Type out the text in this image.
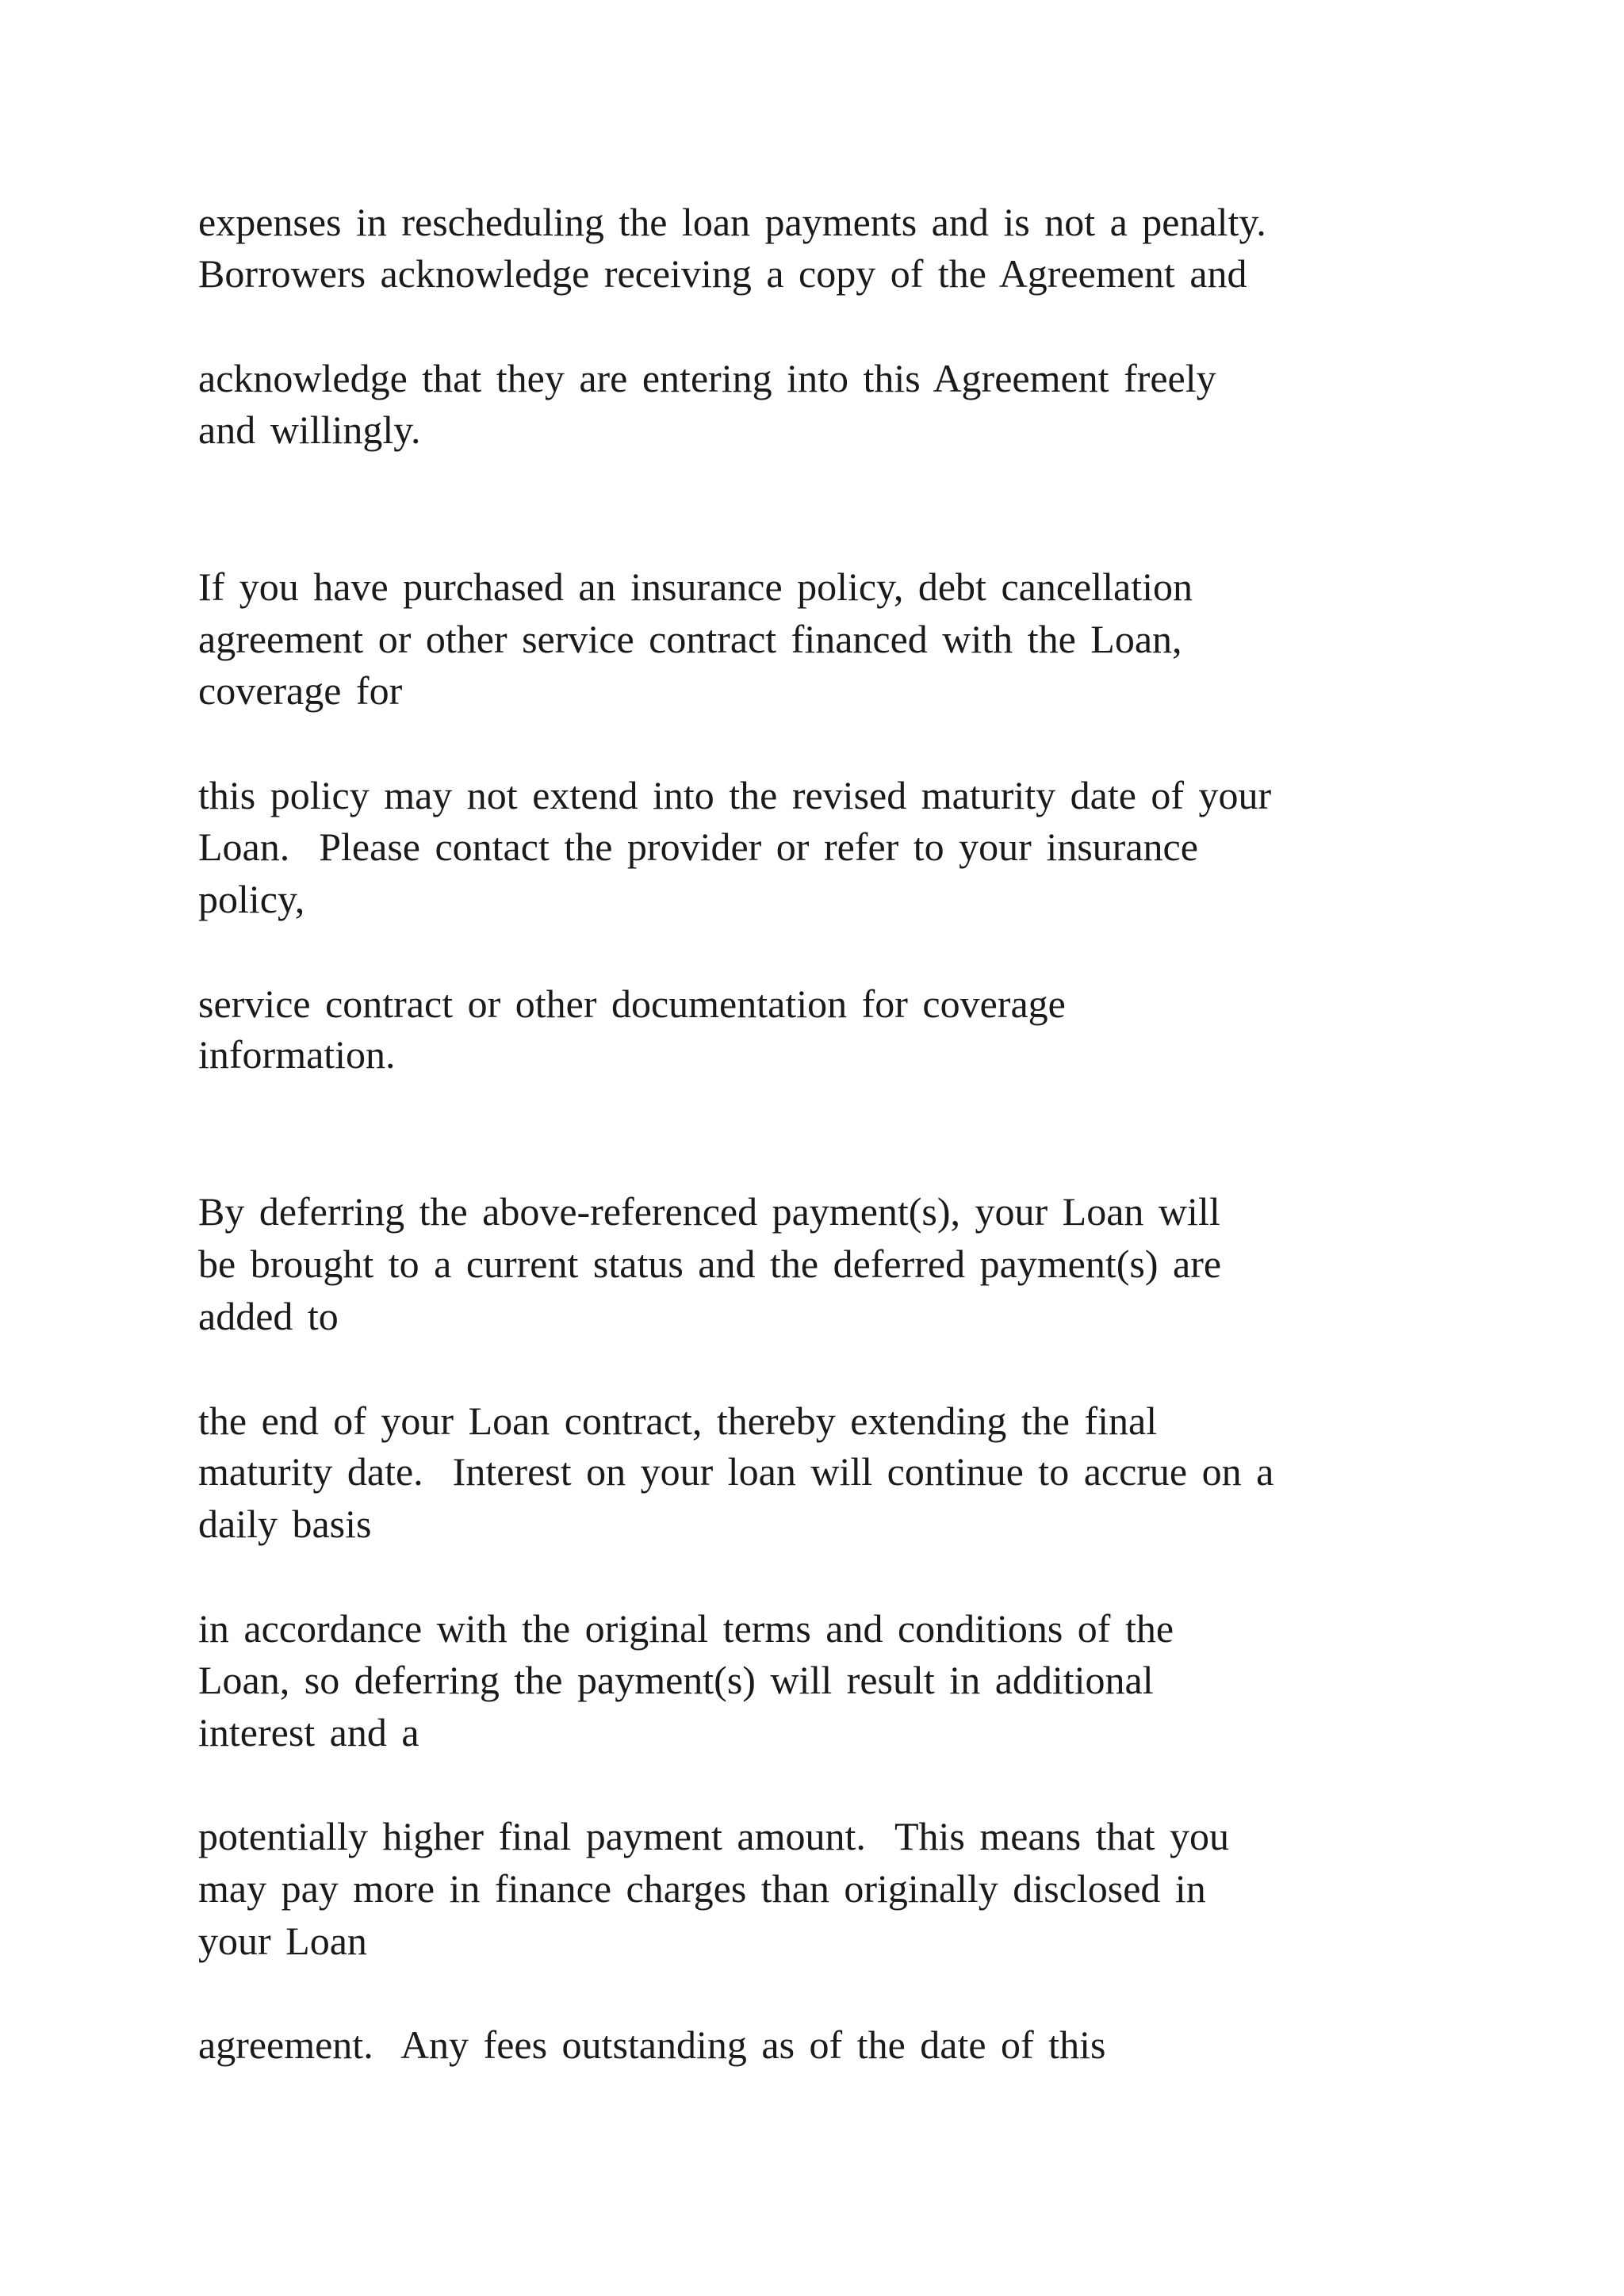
expenses in rescheduling the loan payments and is not a penalty.

Borrowers acknowledge receiving a copy of the Agreement and

acknowledge that they are entering into this Agreement freely

and willingly.

If you have purchased an insurance policy, debt cancellation

agreement or other service contract financed with the Loan,

coverage for

this policy may not extend into the revised maturity date of your

Loan.  Please contact the provider or refer to your insurance

policy,

service contract or other documentation for coverage

information.

By deferring the above-referenced payment(s), your Loan will

be brought to a current status and the deferred payment(s) are

added to

the end of your Loan contract, thereby extending the final

maturity date.  Interest on your loan will continue to accrue on a

daily basis

in accordance with the original terms and conditions of the

Loan, so deferring the payment(s) will result in additional

interest and a

potentially higher final payment amount.  This means that you

may pay more in finance charges than originally disclosed in

your Loan

agreement.  Any fees outstanding as of the date of this
